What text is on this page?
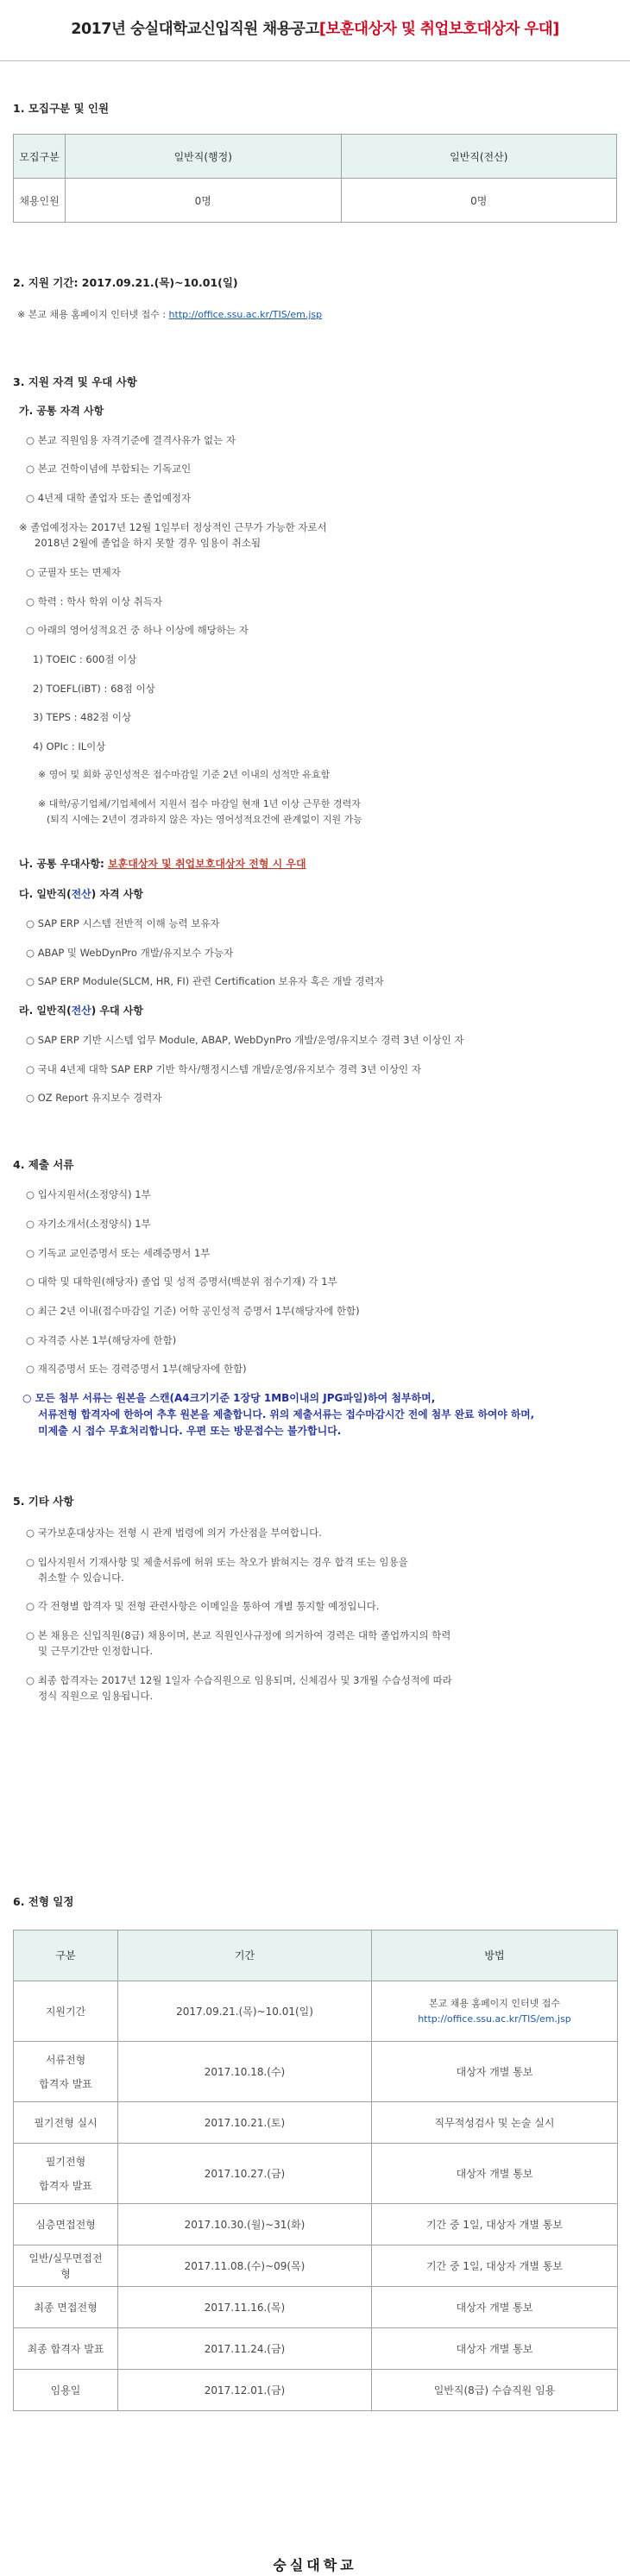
2017년 숭실대학교신입직원 채용공고[보훈대상자 및 취업보호대상자 우대]
1. 모집구분 및 인원
모집구분	일반직(행정)	일반직(전산)
채용인원	0명	0명
2. 지원 기간: 2017.09.21.(목)~10.01(일)
※ 본교 채용 홈페이지 인터넷 접수 : http://office.ssu.ac.kr/TIS/em.jsp
3. 지원 자격 및 우대 사항
가. 공통 자격 사항
○ 본교 직원임용 자격기준에 결격사유가 없는 자
○ 본교 건학이념에 부합되는 기독교인
○ 4년제 대학 졸업자 또는 졸업예정자
※ 졸업예정자는 2017년 12월 1일부터 정상적인 근무가 가능한 자로서
2018년 2월에 졸업을 하지 못할 경우 임용이 취소됨
○ 군필자 또는 면제자
○ 학력 : 학사 학위 이상 취득자
○ 아래의 영어성적요건 중 하나 이상에 해당하는 자
1) TOEIC : 600점 이상
2) TOEFL(iBT) : 68점 이상
3) TEPS : 482점 이상
4) OPIc : IL이상
※ 영어 및 회화 공인성적은 접수마감일 기준 2년 이내의 성적만 유효함
※ 대학/공기업체/기업체에서 지원서 접수 마감일 현재 1년 이상 근무한 경력자
(퇴직 시에는 2년이 경과하지 않은 자)는 영어성적요건에 관계없이 지원 가능
나. 공통 우대사항: 보훈대상자 및 취업보호대상자 전형 시 우대
다. 일반직(전산) 자격 사항
○ SAP ERP 시스템 전반적 이해 능력 보유자
○ ABAP 및 WebDynPro 개발/유지보수 가능자
○ SAP ERP Module(SLCM, HR, FI) 관련 Certification 보유자 혹은 개발 경력자
라. 일반직(전산) 우대 사항
○ SAP ERP 기반 시스템 업무 Module, ABAP, WebDynPro 개발/운영/유지보수 경력 3년 이상인 자
○ 국내 4년제 대학 SAP ERP 기반 학사/행정시스템 개발/운영/유지보수 경력 3년 이상인 자
○ OZ Report 유지보수 경력자
4. 제출 서류
○ 입사지원서(소정양식) 1부
○ 자기소개서(소정양식) 1부
○ 기독교 교인증명서 또는 세례증명서 1부
○ 대학 및 대학원(해당자) 졸업 및 성적 증명서(백분위 점수기재) 각 1부
○ 최근 2년 이내(접수마감일 기준) 어학 공인성적 증명서 1부(해당자에 한함)
○ 자격증 사본 1부(해당자에 한함)
○ 재직증명서 또는 경력증명서 1부(해당자에 한함)
○ 모든 첨부 서류는 원본을 스캔(A4크기기준 1장당 1MB이내의 JPG파일)하여 첨부하며,
서류전형 합격자에 한하여 추후 원본을 제출합니다. 위의 제출서류는 접수마감시간 전에 첨부 완료 하여야 하며,
미제출 시 접수 무효처리합니다. 우편 또는 방문접수는 불가합니다.
5. 기타 사항
○ 국가보훈대상자는 전형 시 관계 법령에 의거 가산점을 부여합니다.
○ 입사지원서 기재사항 및 제출서류에 허위 또는 착오가 밝혀지는 경우 합격 또는 임용을
취소할 수 있습니다.
○ 각 전형별 합격자 및 전형 관련사항은 이메일을 통하여 개별 통지할 예정입니다.
○ 본 채용은 신입직원(8급) 채용이며, 본교 직원인사규정에 의거하여 경력은 대학 졸업까지의 학력
및 근무기간만 인정합니다.
○ 최종 합격자는 2017년 12월 1일자 수습직원으로 임용되며, 신체검사 및 3개월 수습성적에 따라
정식 직원으로 임용됩니다.
6. 전형 일정
구분	기간	방법
지원기간	2017.09.21.(목)~10.01(일)	본교 채용 홈페이지 인터넷 접수
http://office.ssu.ac.kr/TIS/em.jsp

서류전형
합격자 발표	2017.10.18.(수)	대상자 개별 통보
필기전형 실시	2017.10.21.(토)	직무적성검사 및 논술 실시

필기전형
합격자 발표	2017.10.27.(금)	대상자 개별 통보
심층면접전형	2017.10.30.(월)~31(화)	기간 중 1일, 대상자 개별 통보

일반/실무면접전
형	2017.11.08.(수)~09(목)	기간 중 1일, 대상자 개별 통보
최종 면접전형	2017.11.16.(목)	대상자 개별 통보
최종 합격자 발표	2017.11.24.(금)	대상자 개별 통보
임용일	2017.12.01.(금)	일반직(8급) 수습직원 임용
숭실대학교
